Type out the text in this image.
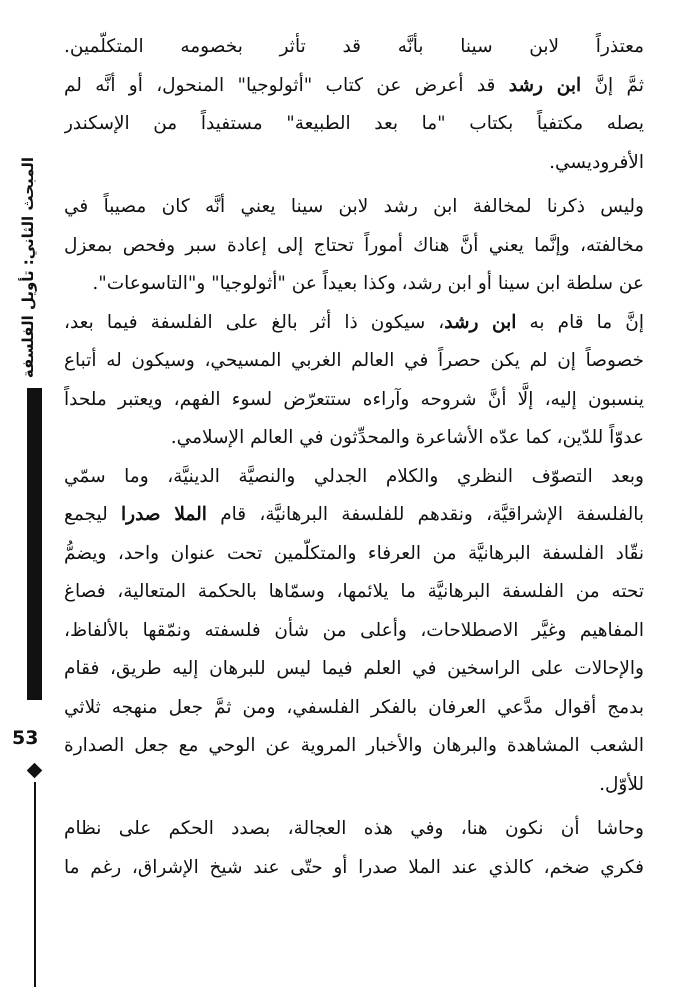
معتذراً لابن سينا بأنَّه قد تأثر بخصومه المتكلّمين.
ثمَّ إنَّ ابن رشد قد أعرض عن كتاب "أثولوجيا" المنحول، أو أنَّه لم
يصله مكتفياً بكتاب "ما بعد الطبيعة" مستفيداً من الإسكندر
الأفروديسي.
وليس ذكرنا لمخالفة ابن رشد لابن سينا يعني أنَّه كان مصيباً في
مخالفته، وإنَّما يعني أنَّ هناك أموراً تحتاج إلى إعادة سبر وفحص بمعزل
عن سلطة ابن سينا أو ابن رشد، وكذا بعيداً عن "أثولوجيا" و"التاسوعات".
إنَّ ما قام به ابن رشد، سيكون ذا أثر بالغ على الفلسفة فيما بعد،
خصوصاً إن لم يكن حصراً في العالم الغربي المسيحي، وسيكون له أتباع
ينسبون إليه، إلَّا أنَّ شروحه وآراءه ستتعرّض لسوء الفهم، ويعتبر ملحداً
عدوّاً للدّين، كما عدّه الأشاعرة والمحدِّثون في العالم الإسلامي.
وبعد التصوّف النظري والكلام الجدلي والنصيَّة الدينيَّة، وما سمّي
بالفلسفة الإشراقيَّة، ونقدهم للفلسفة البرهانيَّة، قام الملا صدرا ليجمع
نقّاد الفلسفة البرهانيَّة من العرفاء والمتكلّمين تحت عنوان واحد، ويضمُّ
تحته من الفلسفة البرهانيَّة ما يلائمها، وسمّاها بالحكمة المتعالية، فصاغ
المفاهيم وغيَّر الاصطلاحات، وأعلى من شأن فلسفته ونمّقها بالألفاظ،
والإحالات على الراسخين في العلم فيما ليس للبرهان إليه طريق، فقام
بدمج أقوال مدَّعي العرفان بالفكر الفلسفي، ومن ثمَّ جعل منهجه ثلاثي
الشعب المشاهدة والبرهان والأخبار المروية عن الوحي مع جعل الصدارة
للأوّل.
وحاشا أن نكون هنا، وفي هذه العجالة، بصدد الحكم على نظام
فكري ضخم، كالذي عند الملا صدرا أو حتّى عند شيخ الإشراق، رغم ما
المبحث الثاني: تأويل الفلسفة
53
